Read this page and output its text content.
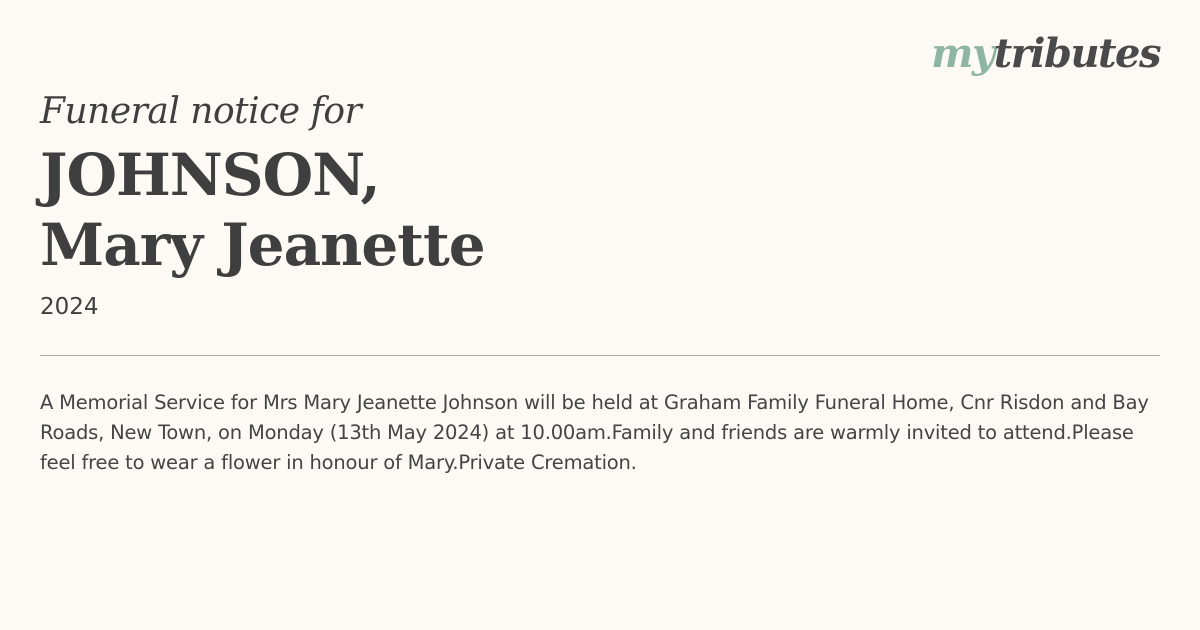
mytributes
Funeral notice for
JOHNSON,
Mary Jeanette
2024
A Memorial Service for Mrs Mary Jeanette Johnson will be held at Graham Family Funeral Home, Cnr Risdon and Bay Roads, New Town, on Monday (13th May 2024) at 10.00am.Family and friends are warmly invited to attend.Please feel free to wear a flower in honour of Mary.Private Cremation.
